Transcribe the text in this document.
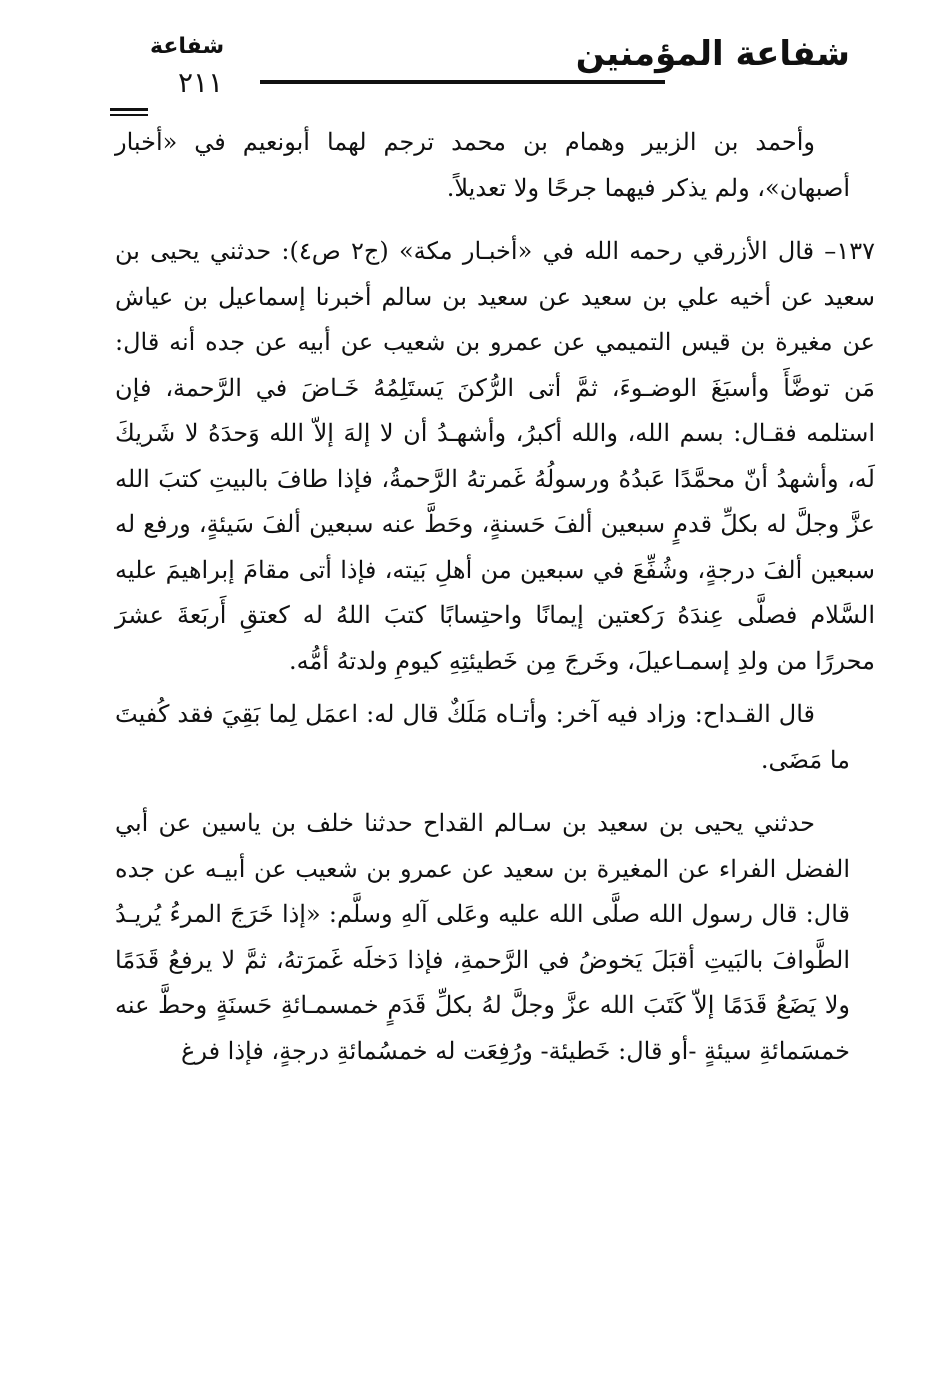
شفاعة المؤمنين
شفاعة
٢١١

وأحمد بن الزبير وهمام بن محمد ترجم لهما أبونعيم في «أخبار أصبهان»، ولم يذكر فيهما جرحًا ولا تعديلاً.

١٣٧– قال الأزرقي رحمه الله في «أخبـار مكة» (ج٢ ص٤): حدثني يحيى بن سعيد عن أخيه علي بن سعيد عن سعيد بن سالم أخبرنا إسماعيل بن عياش عن مغيرة بن قيس التميمي عن عمرو بن شعيب عن أبيه عن جده أنه قال: مَن توضَّأَ وأسبَغَ الوضـوءَ، ثمَّ أتى الرُّكنَ يَستَلِمُهُ خَـاضَ في الرَّحمة، فإن استلمه فقـال: بسم الله، والله أكبرُ، وأشهـدُ أن لا إلهَ إلاّ الله وَحدَهُ لا شَريكَ لَه، وأشهدُ أنّ محمَّدًا عَبدُهُ ورسولُهُ غَمرتهُ الرَّحمةُ، فإذا طافَ بالبيتِ كتبَ الله عزَّ وجلَّ له بكلِّ قدمٍ سبعين ألفَ حَسنةٍ، وحَطَّ عنه سبعين ألفَ سَيئةٍ، ورفع له سبعين ألفَ درجةٍ، وشُفِّعَ في سبعين من أهلِ بَيته، فإذا أتى مقامَ إبراهيمَ عليه السَّلام فصلَّى عِندَهُ رَكعتين إيمانًا واحتِسابًا كتبَ اللهُ له كعتقِ أَربَعةَ عشرَ محررًا من ولدِ إسمـاعيلَ، وخَرجَ مِن خَطيئتِهِ كيومِ ولدتهُ أمُّه.

قال القـداح: وزاد فيه آخر: وأتـاه مَلَكٌ قال له: اعمَل لِما بَقِيَ فقد كُفيتَ ما مَضَى.

حدثني يحيى بن سعيد بن سـالم القداح حدثنا خلف بن ياسين عن أبي الفضل الفراء عن المغيرة بن سعيد عن عمرو بن شعيب عن أبيـه عن جده قال: قال رسول الله صلَّى الله عليه وعَلى آلهِ وسلَّم: «إذا خَرَجَ المرءُ يُريـدُ الطَّوافَ بالبَيتِ أقبَلَ يَخوضُ في الرَّحمةِ، فإذا دَخلَه غَمرَتهُ، ثمَّ لا يرفعُ قَدَمًا ولا يَضَعُ قَدَمًا إلاّ كَتَبَ الله عزَّ وجلَّ لهُ بكلِّ قَدَمٍ خمسمـائةِ حَسنَةٍ وحطَّ عنه خمسَمائةِ سيئةٍ -أو قال: خَطيئة- ورُفِعَت له خمسُمائةِ درجةٍ، فإذا فرغ
